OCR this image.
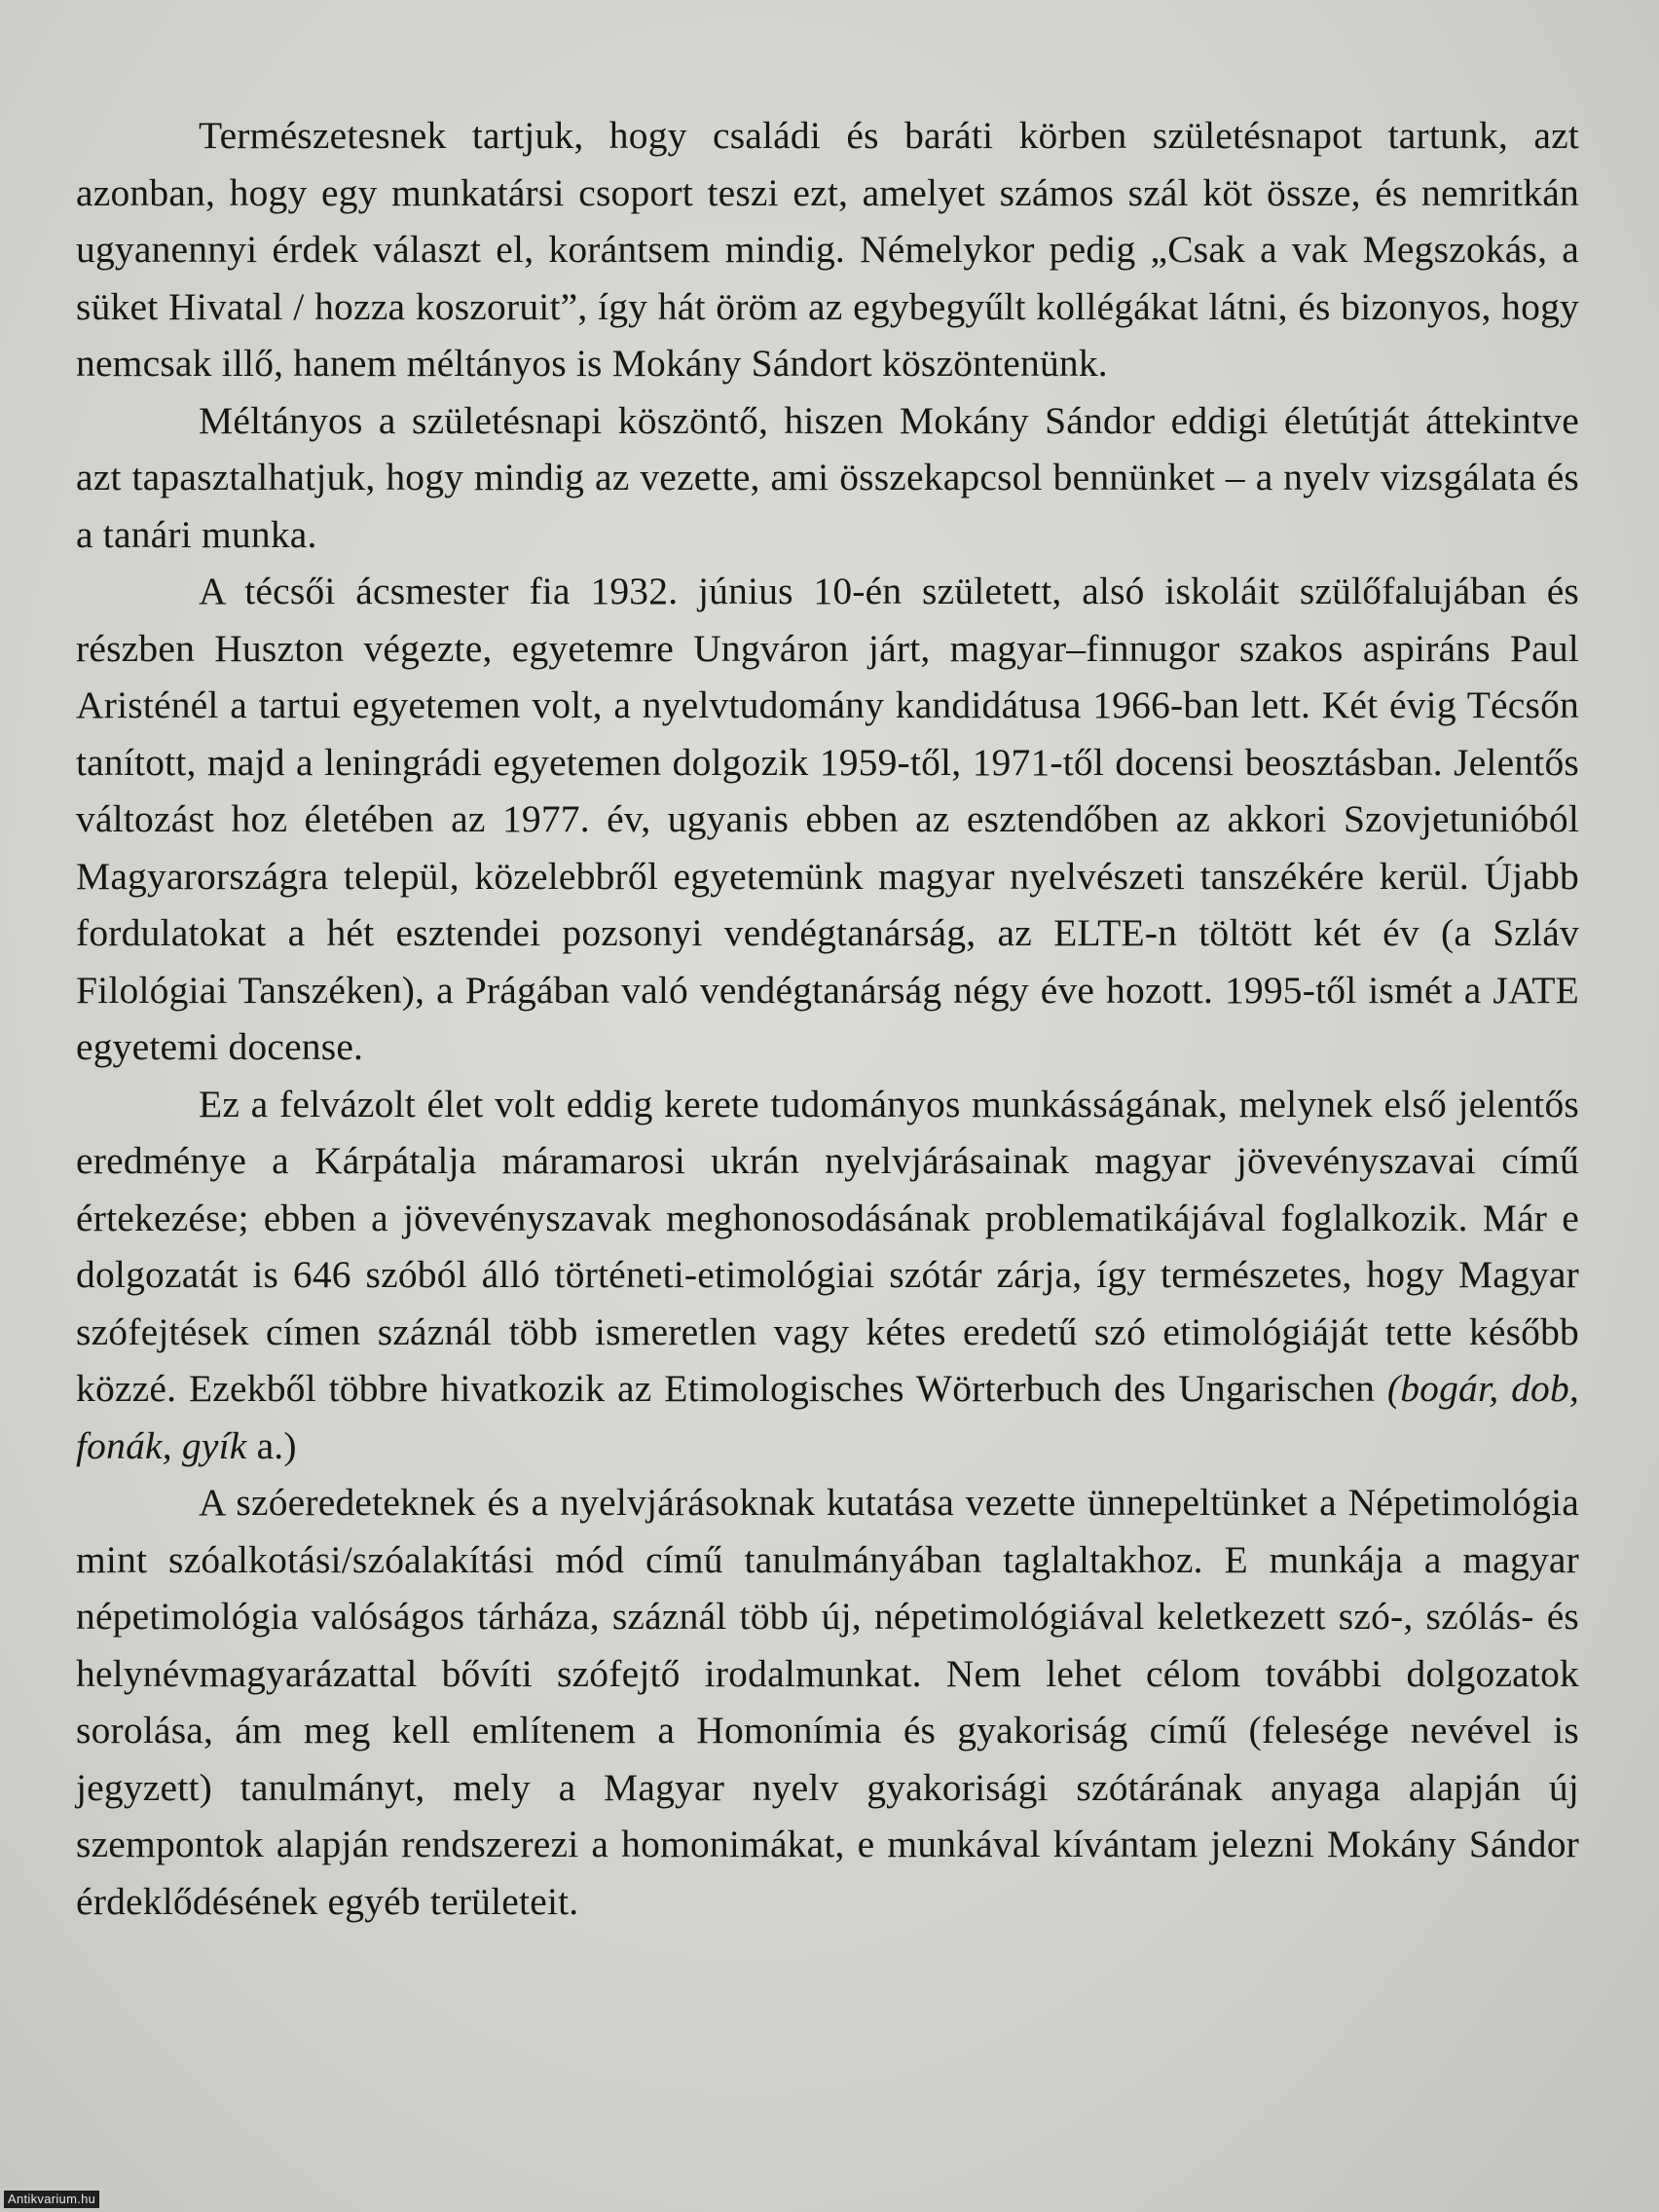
Természetesnek tartjuk, hogy családi és baráti körben születésnapot tartunk, azt azonban, hogy egy munkatársi csoport teszi ezt, amelyet számos szál köt össze, és nemritkán ugyanennyi érdek választ el, korántsem mindig. Némelykor pedig „Csak a vak Megszokás, a süket Hivatal / hozza koszoruit”, így hát öröm az egybegyűlt kollégákat látni, és bizonyos, hogy nemcsak illő, hanem méltányos is Mokány Sándort köszöntenünk.

Méltányos a születésnapi köszöntő, hiszen Mokány Sándor eddigi életútját áttekintve azt tapasztalhatjuk, hogy mindig az vezette, ami összekapcsol bennünket – a nyelv vizsgálata és a tanári munka.

A técsői ácsmester fia 1932. június 10-én született, alsó iskoláit szülőfalujában és részben Huszton végezte, egyetemre Ungváron járt, magyar–finnugor szakos aspiráns Paul Aristénél a tartui egyetemen volt, a nyelvtudomány kandidátusa 1966-ban lett. Két évig Técsőn tanított, majd a leningrádi egyetemen dolgozik 1959-től, 1971-től docensi beosztásban. Jelentős változást hoz életében az 1977. év, ugyanis ebben az esztendőben az akkori Szovjetunióból Magyarországra települ, közelebbről egyetemünk magyar nyelvészeti tanszékére kerül. Újabb fordulatokat a hét esztendei pozsonyi vendégtanárság, az ELTE-n töltött két év (a Szláv Filológiai Tanszéken), a Prágában való vendégtanárság négy éve hozott. 1995-től ismét a JATE egyetemi docense.

Ez a felvázolt élet volt eddig kerete tudományos munkásságának, melynek első jelentős eredménye a Kárpátalja máramarosi ukrán nyelvjárásainak magyar jövevényszavai című értekezése; ebben a jövevényszavak meghonosodásának problematikájával foglalkozik. Már e dolgozatát is 646 szóból álló történeti-etimológiai szótár zárja, így természetes, hogy Magyar szófejtések címen száznál több ismeretlen vagy kétes eredetű szó etimológiáját tette később közzé. Ezekből többre hivatkozik az Etimologisches Wörterbuch des Ungarischen (bogár, dob, fonák, gyík a.)

A szóeredeteknek és a nyelvjárásoknak kutatása vezette ünnepeltünket a Népetimológia mint szóalkotási/szóalakítási mód című tanulmányában taglaltakhoz. E munkája a magyar népetimológia valóságos tárháza, száznál több új, népetimológiával keletkezett szó-, szólás- és helynévmagyarázattal bővíti szófejtő irodalmunkat. Nem lehet célom további dolgozatok sorolása, ám meg kell említenem a Homonímia és gyakoriság című (felesége nevével is jegyzett) tanulmányt, mely a Magyar nyelv gyakorisági szótárának anyaga alapján új szempontok alapján rendszerezi a homonimákat, e munkával kívántam jelezni Mokány Sándor érdeklődésének egyéb területeit.

Antikvarium.hu
